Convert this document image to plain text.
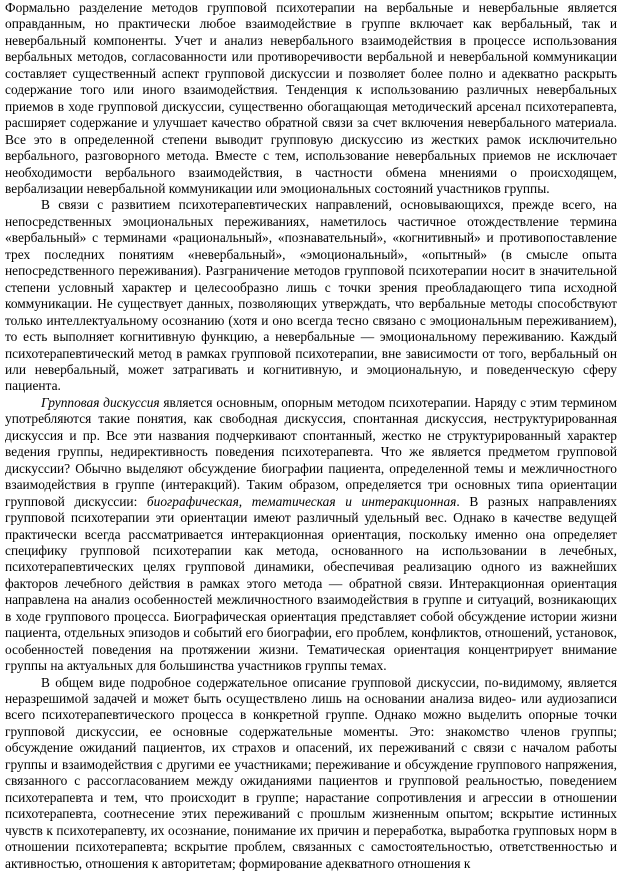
Формально разделение методов групповой психотерапии на вербальные и невербальные является оправданным, но практически любое взаимодействие в группе включает как вербальный, так и невербальный компоненты. Учет и анализ невербального взаимодействия в процессе использования вербальных методов, согласованности или противоречивости вербальной и невербальной коммуникации составляет существенный аспект групповой дискуссии и позволяет более полно и адекватно раскрыть содержание того или иного взаимодействия. Тенденция к использованию различных невербальных приемов в ходе групповой дискуссии, существенно обогащающая методический арсенал психотерапевта, расширяет содержание и улучшает качество обратной связи за счет включения невербального материала. Все это в определенной степени выводит групповую дискуссию из жестких рамок исключительно вербального, разговорного метода. Вместе с тем, использование невербальных приемов не исключает необходимости вербального взаимодействия, в частности обмена мнениями о происходящем, вербализации невербальной коммуникации или эмоциональных состояний участников группы.

В связи с развитием психотерапевтических направлений, основывающихся, прежде всего, на непосредственных эмоциональных переживаниях, наметилось частичное отождествление термина «вербальный» с терминами «рациональный», «познавательный», «когнитивный» и противопоставление трех последних понятиям «невербальный», «эмоциональный», «опытный» (в смысле опыта непосредственного переживания). Разграничение методов групповой психотерапии носит в значительной степени условный характер и целесообразно лишь с точки зрения преобладающего типа исходной коммуникации. Не существует данных, позволяющих утверждать, что вербальные методы способствуют только интеллектуальному осознанию (хотя и оно всегда тесно связано с эмоциональным переживанием), то есть выполняет когнитивную функцию, а невербальные — эмоциональному переживанию. Каждый психотерапевтический метод в рамках групповой психотерапии, вне зависимости от того, вербальный он или невербальный, может затрагивать и когнитивную, и эмоциональную, и поведенческую сферу пациента.

Групповая дискуссия является основным, опорным методом психотерапии. Наряду с этим термином употребляются такие понятия, как свободная дискуссия, спонтанная дискуссия, неструктурированная дискуссия и пр. Все эти названия подчеркивают спонтанный, жестко не структурированный характер ведения группы, недирективность поведения психотерапевта. Что же является предметом групповой дискуссии? Обычно выделяют обсуждение биографии пациента, определенной темы и межличностного взаимодействия в группе (интеракций). Таким образом, определяется три основных типа ориентации групповой дискуссии: биографическая, тематическая и интеракционная. В разных направлениях групповой психотерапии эти ориентации имеют различный удельный вес. Однако в качестве ведущей практически всегда рассматривается интеракционная ориентация, поскольку именно она определяет специфику групповой психотерапии как метода, основанного на использовании в лечебных, психотерапевтических целях групповой динамики, обеспечивая реализацию одного из важнейших факторов лечебного действия в рамках этого метода — обратной связи. Интеракционная ориентация направлена на анализ особенностей межличностного взаимодействия в группе и ситуаций, возникающих в ходе группового процесса. Биографическая ориентация представляет собой обсуждение истории жизни пациента, отдельных эпизодов и событий его биографии, его проблем, конфликтов, отношений, установок, особенностей поведения на протяжении жизни. Тематическая ориентация концентрирует внимание группы на актуальных для большинства участников группы темах.

В общем виде подробное содержательное описание групповой дискуссии, по-видимому, является неразрешимой задачей и может быть осуществлено лишь на основании анализа видео- или аудиозаписи всего психотерапевтического процесса в конкретной группе. Однако можно выделить опорные точки групповой дискуссии, ее основные содержательные моменты. Это: знакомство членов группы; обсуждение ожиданий пациентов, их страхов и опасений, их переживаний с связи с началом работы группы и взаимодействия с другими ее участниками; переживание и обсуждение группового напряжения, связанного с рассогласованием между ожиданиями пациентов и групповой реальностью, поведением психотерапевта и тем, что происходит в группе; нарастание сопротивления и агрессии в отношении психотерапевта, соотнесение этих переживаний с прошлым жизненным опытом; вскрытие истинных чувств к психотерапевту, их осознание, понимание их причин и переработка, выработка групповых норм в отношении психотерапевта; вскрытие проблем, связанных с самостоятельностью, ответственностью и активностью, отношения к авторитетам; формирование адекватного отношения к
